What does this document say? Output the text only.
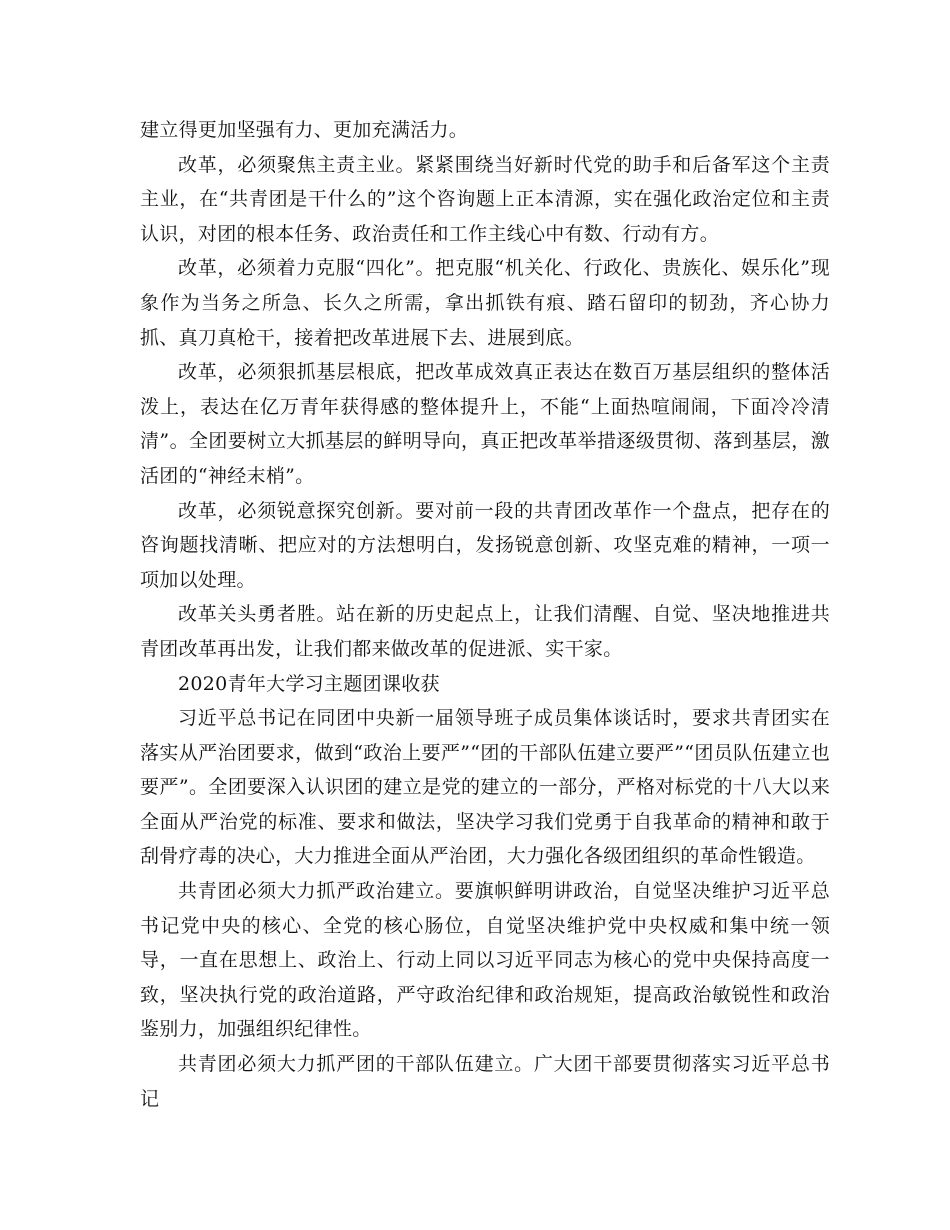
建立得更加坚强有力、更加充满活力。

改革，必须聚焦主责主业。紧紧围绕当好新时代党的助手和后备军这个主责主业，在“共青团是干什么的”这个咨询题上正本清源，实在强化政治定位和主责认识，对团的根本任务、政治责任和工作主线心中有数、行动有方。

改革，必须着力克服“四化”。把克服“机关化、行政化、贵族化、娱乐化”现象作为当务之所急、长久之所需，拿出抓铁有痕、踏石留印的韧劲，齐心协力抓、真刀真枪干，接着把改革进展下去、进展到底。

改革，必须狠抓基层根底，把改革成效真正表达在数百万基层组织的整体活泼上，表达在亿万青年获得感的整体提升上，不能“上面热喧闹闹，下面冷冷清清”。全团要树立大抓基层的鲜明导向，真正把改革举措逐级贯彻、落到基层，激活团的“神经末梢”。

改革，必须锐意探究创新。要对前一段的共青团改革作一个盘点，把存在的咨询题找清晰、把应对的方法想明白，发扬锐意创新、攻坚克难的精神，一项一项加以处理。

改革关头勇者胜。站在新的历史起点上，让我们清醒、自觉、坚决地推进共青团改革再出发，让我们都来做改革的促进派、实干家。

2020青年大学习主题团课收获

习近平总书记在同团中央新一届领导班子成员集体谈话时，要求共青团实在落实从严治团要求，做到“政治上要严”“团的干部队伍建立要严”“团员队伍建立也要严”。全团要深入认识团的建立是党的建立的一部分，严格对标党的十八大以来全面从严治党的标准、要求和做法，坚决学习我们党勇于自我革命的精神和敢于刮骨疗毒的决心，大力推进全面从严治团，大力强化各级团组织的革命性锻造。

共青团必须大力抓严政治建立。要旗帜鲜明讲政治，自觉坚决维护习近平总书记党中央的核心、全党的核心肠位，自觉坚决维护党中央权威和集中统一领导，一直在思想上、政治上、行动上同以习近平同志为核心的党中央保持高度一致，坚决执行党的政治道路，严守政治纪律和政治规矩，提高政治敏锐性和政治鉴别力，加强组织纪律性。

共青团必须大力抓严团的干部队伍建立。广大团干部要贯彻落实习近平总书记
